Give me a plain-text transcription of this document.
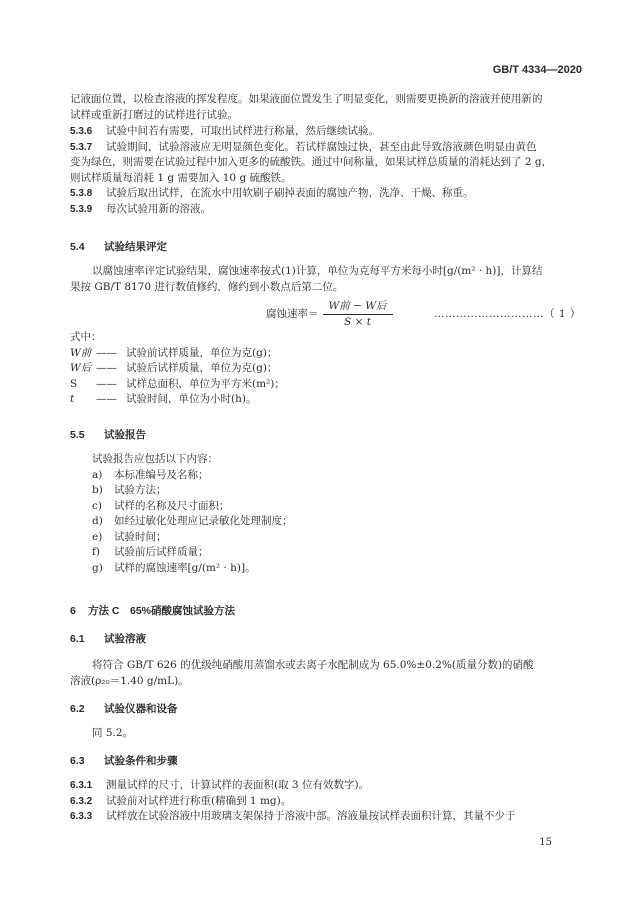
GB/T 4334—2020
记液面位置，以检查溶液的挥发程度。如果液面位置发生了明显变化，则需要更换新的溶液并使用新的
试样或重新打磨过的试样进行试验。
5.3.6 试验中间若有需要，可取出试样进行称量，然后继续试验。
5.3.7 试验期间，试验溶液应无明显颜色变化。若试样腐蚀过快，甚至由此导致溶液颜色明显由黄色
变为绿色，则需要在试验过程中加入更多的硫酸铁。通过中间称量，如果试样总质量的消耗达到了 2 g，
则试样质量每消耗 1 g 需要加入 10 g 硫酸铁。
5.3.8 试验后取出试样，在流水中用软刷子刷掉表面的腐蚀产物，洗净、干燥、称重。
5.3.9 每次试验用新的溶液。
5.4 试验结果评定
以腐蚀速率评定试验结果，腐蚀速率按式(1)计算，单位为克每平方米每小时[g/(m² · h)]，计算结
果按 GB/T 8170 进行数值修约，修约到小数点后第二位。
腐蚀速率＝ $\frac{\text{W前 − W后}}{S \times t}$	…………………………（ 1 ）
式中：
W前 —— 试验前试样质量，单位为克(g)；
W后 —— 试验后试样质量，单位为克(g)；
S —— 试样总面积，单位为平方米(m²)；
t —— 试验时间，单位为小时(h)。
5.5 试验报告
试验报告应包括以下内容：
a) 本标准编号及名称；
b) 试验方法；
c) 试样的名称及尺寸面积；
d) 如经过敏化处理应记录敏化处理制度；
e) 试验时间；
f) 试验前后试样质量；
g) 试样的腐蚀速率[g/(m² · h)]。
6 方法 C　65%硝酸腐蚀试验方法
6.1 试验溶液
将符合 GB/T 626 的优级纯硝酸用蒸馏水或去离子水配制成为 65.0%±0.2%(质量分数)的硝酸
溶液(ρ₂₀＝1.40 g/mL)。
6.2 试验仪器和设备
同 5.2。
6.3 试验条件和步骤
6.3.1 测量试样的尺寸，计算试样的表面积(取 3 位有效数字)。
6.3.2 试验前对试样进行称重(精确到 1 mg)。
6.3.3 试样放在试验溶液中用玻璃支架保持于溶液中部。溶液量按试样表面积计算，其量不少于
15
